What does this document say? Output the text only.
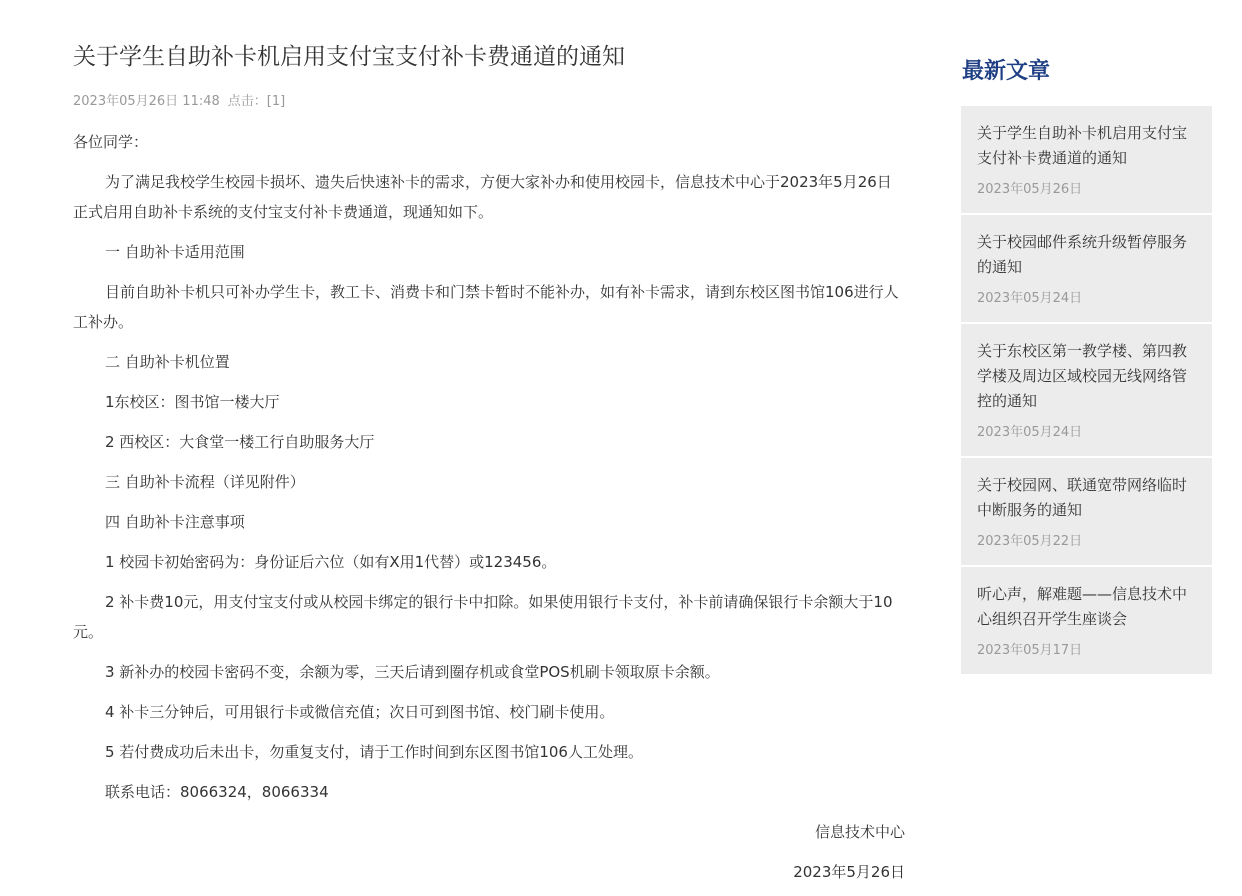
关于学生自助补卡机启用支付宝支付补卡费通道的通知
2023年05月26日 11:48 点击：[1]

各位同学：

为了满足我校学生校园卡损坏、遗失后快速补卡的需求，方便大家补办和使用校园卡，信息技术中心于2023年5月26日正式启用自助补卡系统的支付宝支付补卡费通道，现通知如下。

一 自助补卡适用范围

目前自助补卡机只可补办学生卡，教工卡、消费卡和门禁卡暂时不能补办，如有补卡需求，请到东校区图书馆106进行人工补办。

二 自助补卡机位置

1东校区：图书馆一楼大厅

2 西校区：大食堂一楼工行自助服务大厅

三 自助补卡流程（详见附件）

四 自助补卡注意事项

1 校园卡初始密码为：身份证后六位（如有X用1代替）或123456。

2 补卡费10元，用支付宝支付或从校园卡绑定的银行卡中扣除。如果使用银行卡支付，补卡前请确保银行卡余额大于10元。

3 新补办的校园卡密码不变，余额为零，三天后请到圈存机或食堂POS机刷卡领取原卡余额。

4 补卡三分钟后，可用银行卡或微信充值；次日可到图书馆、校门刷卡使用。

5 若付费成功后未出卡，勿重复支付，请于工作时间到东区图书馆106人工处理。

联系电话：8066324，8066334

信息技术中心

2023年5月26日

最新文章
关于学生自助补卡机启用支付宝支付补卡费通道的通知
2023年05月26日
关于校园邮件系统升级暂停服务的通知
2023年05月24日
关于东校区第一教学楼、第四教学楼及周边区域校园无线网络管控的通知
2023年05月24日
关于校园网、联通宽带网络临时中断服务的通知
2023年05月22日
听心声，解难题——信息技术中心组织召开学生座谈会
2023年05月17日
